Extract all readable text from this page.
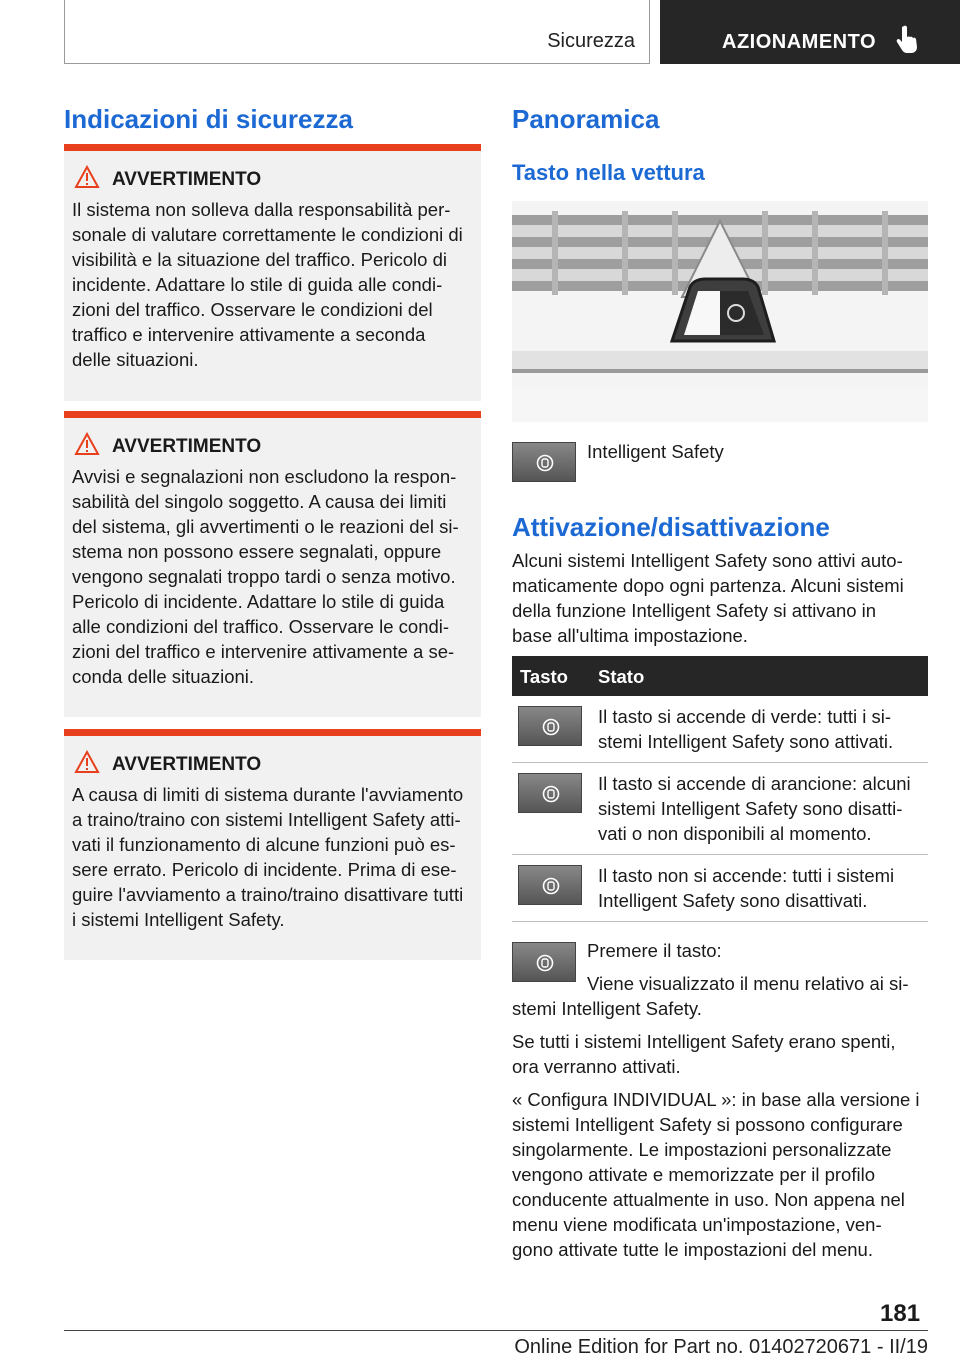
Sicurezza	AZIONAMENTO
Indicazioni di sicurezza
AVVERTIMENTO
Il sistema non solleva dalla responsabilità per-
sonale di valutare correttamente le condizioni di
visibilità e la situazione del traffico. Pericolo di
incidente. Adattare lo stile di guida alle condi-
zioni del traffico. Osservare le condizioni del
traffico e intervenire attivamente a seconda
delle situazioni.
AVVERTIMENTO
Avvisi e segnalazioni non escludono la respon-
sabilità del singolo soggetto. A causa dei limiti
del sistema, gli avvertimenti o le reazioni del si-
stema non possono essere segnalati, oppure
vengono segnalati troppo tardi o senza motivo.
Pericolo di incidente. Adattare lo stile di guida
alle condizioni del traffico. Osservare le condi-
zioni del traffico e intervenire attivamente a se-
conda delle situazioni.
AVVERTIMENTO
A causa di limiti di sistema durante l'avviamento
a traino/traino con sistemi Intelligent Safety atti-
vati il funzionamento di alcune funzioni può es-
sere errato. Pericolo di incidente. Prima di ese-
guire l'avviamento a traino/traino disattivare tutti
i sistemi Intelligent Safety.
Panoramica
Tasto nella vettura
Intelligent Safety
Attivazione/disattivazione
Alcuni sistemi Intelligent Safety sono attivi auto-
maticamente dopo ogni partenza. Alcuni sistemi
della funzione Intelligent Safety si attivano in
base all'ultima impostazione.
Tasto	Stato

Il tasto si accende di verde: tutti i si-
stemi Intelligent Safety sono attivati.

Il tasto si accende di arancione: alcuni
sistemi Intelligent Safety sono disatti-
vati o non disponibili al momento.

Il tasto non si accende: tutti i sistemi
Intelligent Safety sono disattivati.
Premere il tasto:
Viene visualizzato il menu relativo ai si-
stemi Intelligent Safety.
Se tutti i sistemi Intelligent Safety erano spenti,
ora verranno attivati.
« Configura INDIVIDUAL »: in base alla versione i
sistemi Intelligent Safety si possono configurare
singolarmente. Le impostazioni personalizzate
vengono attivate e memorizzate per il profilo
conducente attualmente in uso. Non appena nel
menu viene modificata un'impostazione, ven-
gono attivate tutte le impostazioni del menu.
181
Online Edition for Part no. 01402720671 - II/19
